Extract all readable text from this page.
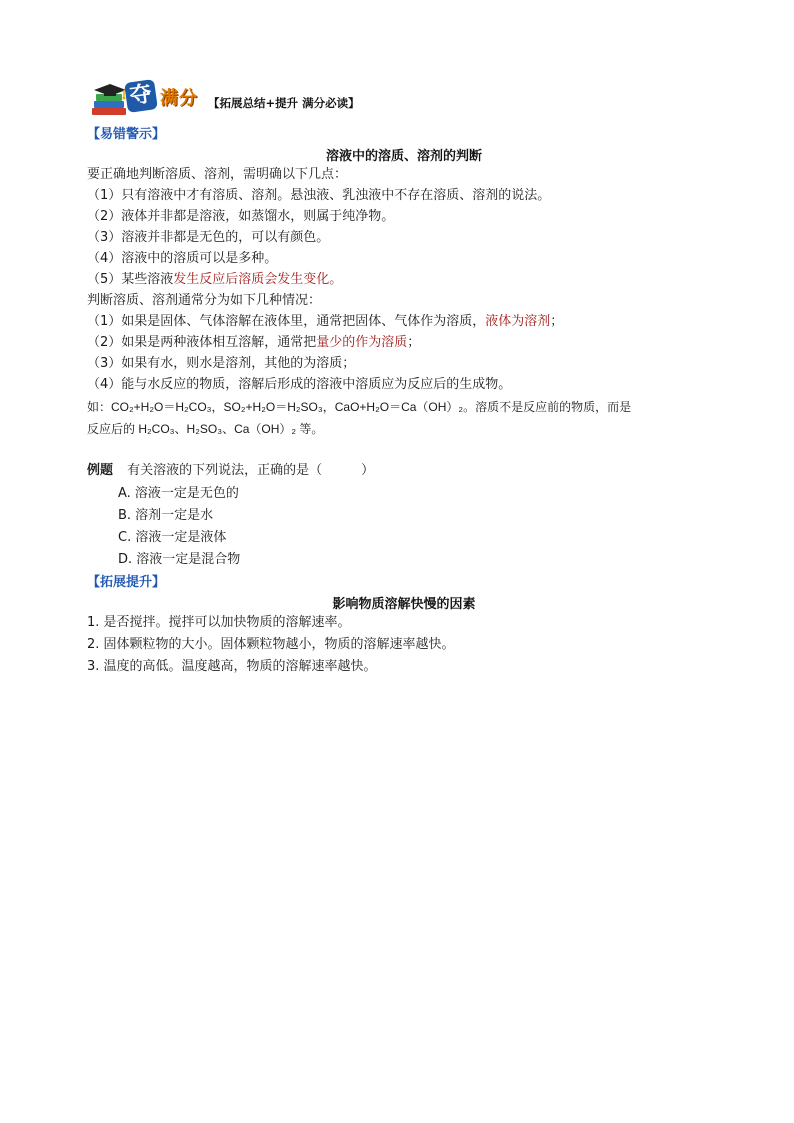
夺 满分 【拓展总结+提升 满分必读】
【易错警示】
溶液中的溶质、溶剂的判断
要正确地判断溶质、溶剂，需明确以下几点：
（1）只有溶液中才有溶质、溶剂。悬浊液、乳浊液中不存在溶质、溶剂的说法。
（2）液体并非都是溶液，如蒸馏水，则属于纯净物。
（3）溶液并非都是无色的，可以有颜色。
（4）溶液中的溶质可以是多种。
（5）某些溶液发生反应后溶质会发生变化。
判断溶质、溶剂通常分为如下几种情况：
（1）如果是固体、气体溶解在液体里，通常把固体、气体作为溶质，液体为溶剂；
（2）如果是两种液体相互溶解，通常把量少的作为溶质；
（3）如果有水，则水是溶剂，其他的为溶质；
（4）能与水反应的物质，溶解后形成的溶液中溶质应为反应后的生成物。
如：CO₂+H₂O＝H₂CO₃，SO₂+H₂O＝H₂SO₃，CaO+H₂O＝Ca（OH）₂。溶质不是反应前的物质，而是
反应后的 H₂CO₃、H₂SO₃、Ca（OH）₂ 等。
例题 有关溶液的下列说法，正确的是（　　　）
A. 溶液一定是无色的
B. 溶剂一定是水
C. 溶液一定是液体
D. 溶液一定是混合物
【拓展提升】
影响物质溶解快慢的因素
1. 是否搅拌。搅拌可以加快物质的溶解速率。
2. 固体颗粒物的大小。固体颗粒物越小，物质的溶解速率越快。
3. 温度的高低。温度越高，物质的溶解速率越快。
